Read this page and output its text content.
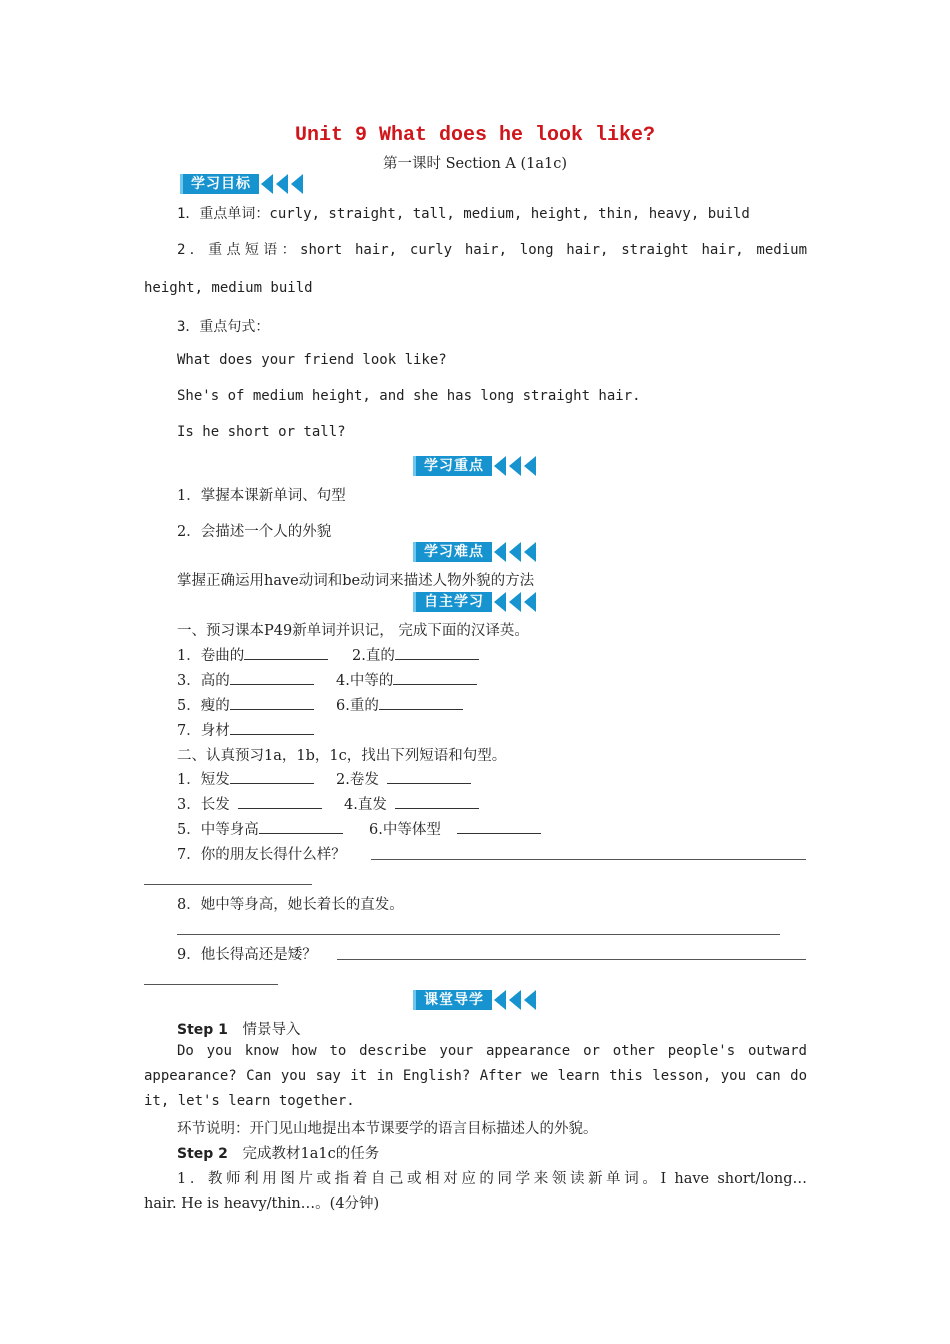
Unit 9 What does he look like?
第一课时 Section A (1a1c)
学习目标
1．重点单词：curly, straight, tall, medium, height, thin, heavy, build
2．重点短语：short hair, curly hair, long hair, straight hair, medium
height, medium build
3．重点句式：
What does your friend look like?
She's of medium height, and she has long straight hair.
Is he short or tall?
学习重点
1．掌握本课新单词、句型
2．会描述一个人的外貌
学习难点
掌握正确运用have动词和be动词来描述人物外貌的方法
自主学习
一、预习课本P49新单词并识记， 完成下面的汉译英。
1．卷曲的	2.直的
3．高的	4.中等的
5．瘦的	6.重的
7．身材
二、认真预习1a，1b，1c，找出下列短语和句型。
1．短发	2.卷发
3．长发	4.直发
5．中等身高	6.中等体型
7．你的朋友长得什么样？
8．她中等身高，她长着长的直发。
9．他长得高还是矮？
课堂导学
Step 1 情景导入
Do you know how to describe your appearance or other people's outward
appearance? Can you say it in English? After we learn this lesson, you can do
it, let's learn together.
环节说明：开门见山地提出本节课要学的语言目标描述人的外貌。
Step 2 完成教材1a1c的任务
1．教师利用图片或指着自己或相对应的同学来领读新单词。I have short/long…
hair. He is heavy/thin…。(4分钟)
